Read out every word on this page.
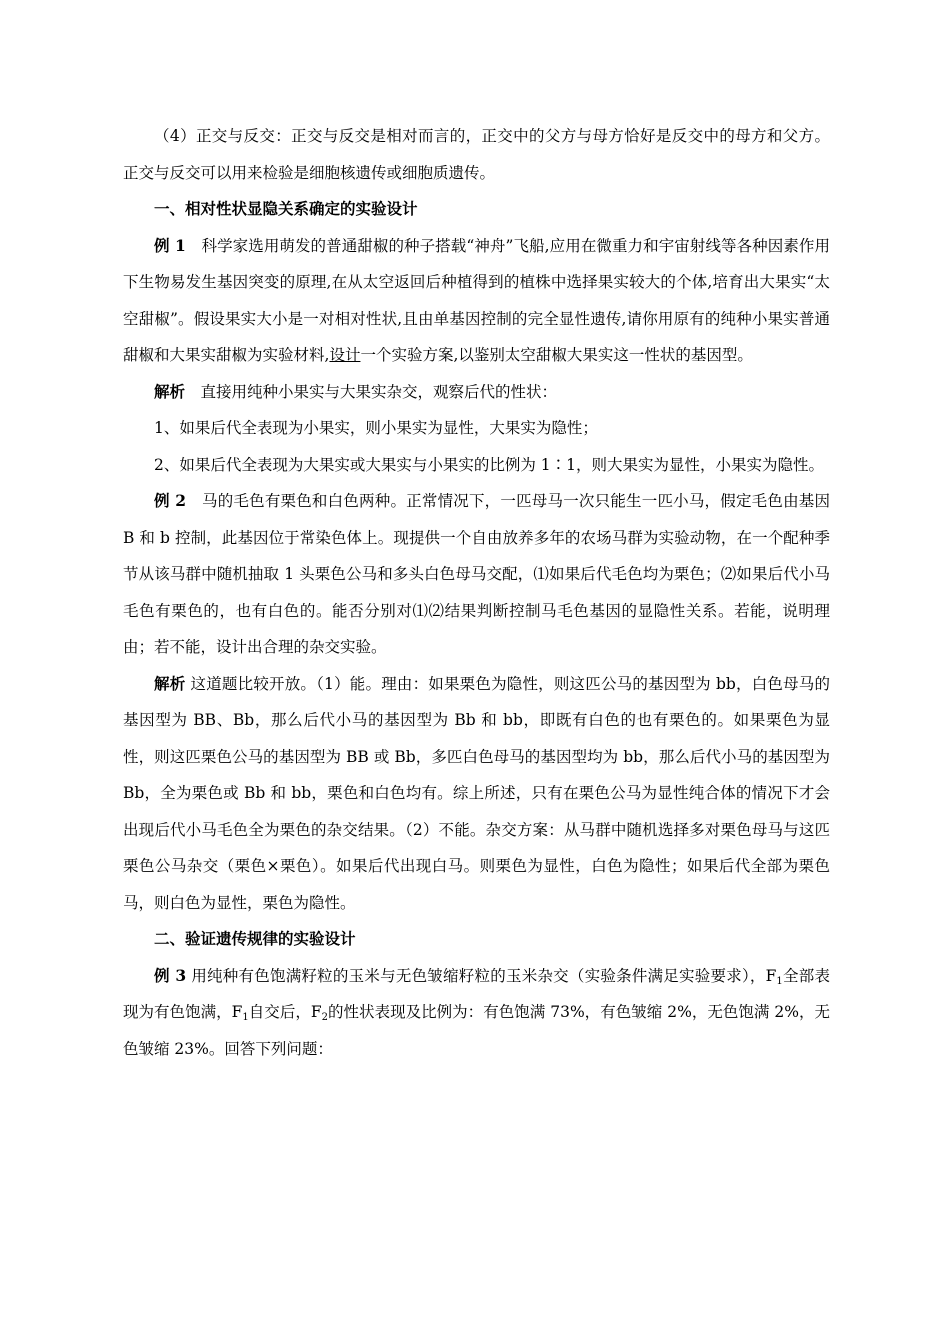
（4）正交与反交：正交与反交是相对而言的，正交中的父方与母方恰好是反交中的母方和父方。正交与反交可以用来检验是细胞核遗传或细胞质遗传。

一、相对性状显隐关系确定的实验设计

例 1　科学家选用萌发的普通甜椒的种子搭载“神舟”飞船,应用在微重力和宇宙射线等各种因素作用下生物易发生基因突变的原理,在从太空返回后种植得到的植株中选择果实较大的个体,培育出大果实“太空甜椒”。假设果实大小是一对相对性状,且由单基因控制的完全显性遗传,请你用原有的纯种小果实普通甜椒和大果实甜椒为实验材料,设计一个实验方案,以鉴别太空甜椒大果实这一性状的基因型。

解析　直接用纯种小果实与大果实杂交，观察后代的性状：

1、如果后代全表现为小果实，则小果实为显性，大果实为隐性；

2、如果后代全表现为大果实或大果实与小果实的比例为 1∶1，则大果实为显性，小果实为隐性。

例 2　马的毛色有栗色和白色两种。正常情况下，一匹母马一次只能生一匹小马，假定毛色由基因 B 和 b 控制，此基因位于常染色体上。现提供一个自由放养多年的农场马群为实验动物，在一个配种季节从该马群中随机抽取 1 头栗色公马和多头白色母马交配，⑴如果后代毛色均为栗色；⑵如果后代小马毛色有栗色的，也有白色的。能否分别对⑴⑵结果判断控制马毛色基因的显隐性关系。若能，说明理由；若不能，设计出合理的杂交实验。

解析 这道题比较开放。（1）能。理由：如果栗色为隐性，则这匹公马的基因型为 bb，白色母马的基因型为 BB、Bb，那么后代小马的基因型为 Bb 和 bb，即既有白色的也有栗色的。如果栗色为显性，则这匹栗色公马的基因型为 BB 或 Bb，多匹白色母马的基因型均为 bb，那么后代小马的基因型为 Bb，全为栗色或 Bb 和 bb，栗色和白色均有。综上所述，只有在栗色公马为显性纯合体的情况下才会出现后代小马毛色全为栗色的杂交结果。（2）不能。杂交方案：从马群中随机选择多对栗色母马与这匹栗色公马杂交（栗色×栗色）。如果后代出现白马。则栗色为显性，白色为隐性；如果后代全部为栗色马，则白色为显性，栗色为隐性。

二、验证遗传规律的实验设计

例 3 用纯种有色饱满籽粒的玉米与无色皱缩籽粒的玉米杂交（实验条件满足实验要求），$F_1$全部表现为有色饱满，$F_1$自交后，$F_2$的性状表现及比例为：有色饱满 73%，有色皱缩 2%，无色饱满 2%，无色皱缩 23%。回答下列问题：
